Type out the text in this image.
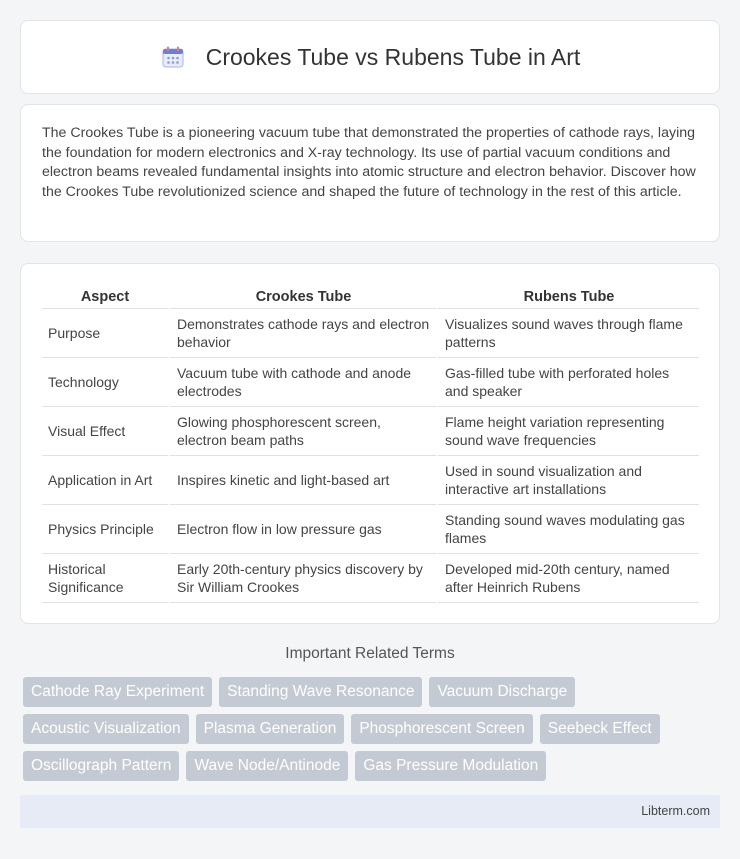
Crookes Tube vs Rubens Tube in Art

The Crookes Tube is a pioneering vacuum tube that demonstrated the properties of cathode rays, laying the foundation for modern electronics and X-ray technology. Its use of partial vacuum conditions and electron beams revealed fundamental insights into atomic structure and electron behavior. Discover how the Crookes Tube revolutionized science and shaped the future of technology in the rest of this article.

Aspect	Crookes Tube	Rubens Tube
Purpose	Demonstrates cathode rays and electron behavior	Visualizes sound waves through flame patterns
Technology	Vacuum tube with cathode and anode electrodes	Gas-filled tube with perforated holes and speaker
Visual Effect	Glowing phosphorescent screen, electron beam paths	Flame height variation representing sound wave frequencies
Application in Art	Inspires kinetic and light-based art	Used in sound visualization and interactive art installations
Physics Principle	Electron flow in low pressure gas	Standing sound waves modulating gas flames
Historical Significance	Early 20th-century physics discovery by Sir William Crookes	Developed mid-20th century, named after Heinrich Rubens
Important Related Terms
Cathode Ray Experiment	Standing Wave Resonance	Vacuum Discharge
Acoustic Visualization	Plasma Generation	Phosphorescent Screen	Seebeck Effect
Oscillograph Pattern	Wave Node/Antinode	Gas Pressure Modulation
Libterm.com
